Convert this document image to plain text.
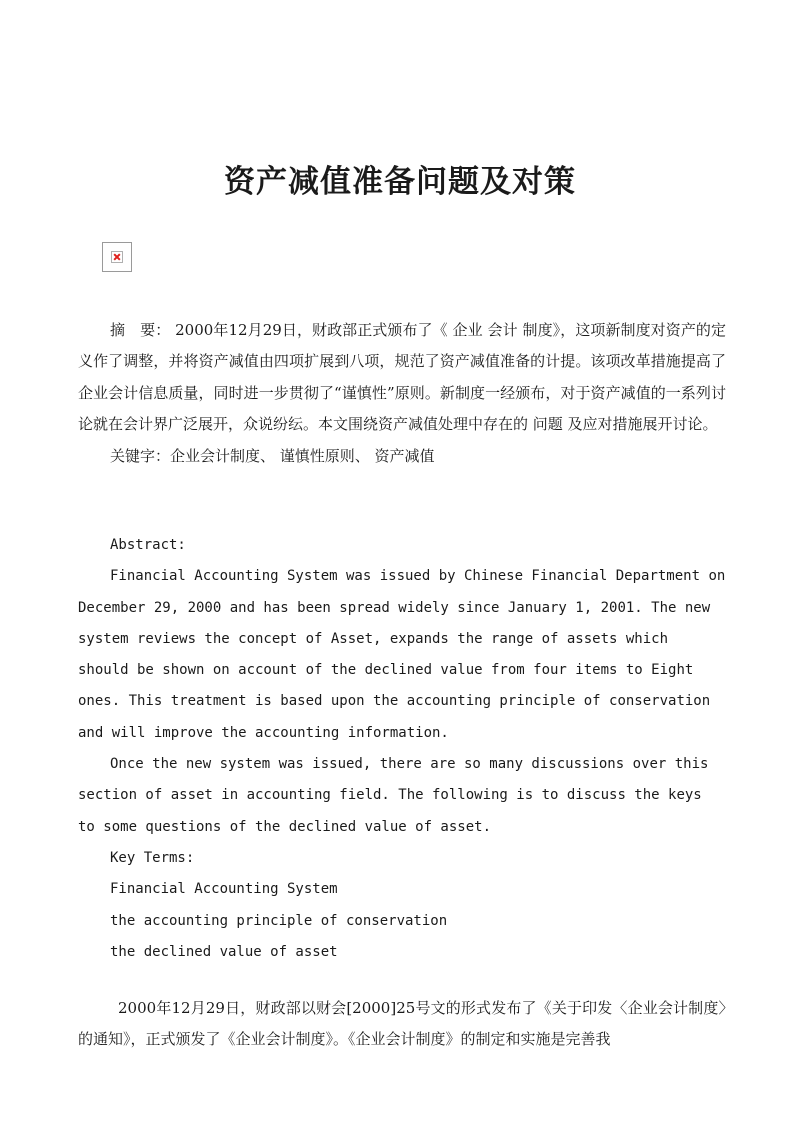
资产减值准备问题及对策

摘　要： 2000年12月29日，财政部正式颁布了《 企业 会计 制度》，这项新制度对资产的定义作了调整，并将资产减值由四项扩展到八项，规范了资产减值准备的计提。该项改革措施提高了企业会计信息质量，同时进一步贯彻了“谨慎性”原则。新制度一经颁布，对于资产减值的一系列讨论就在会计界广泛展开，众说纷纭。本文围绕资产减值处理中存在的 问题 及应对措施展开讨论。

关键字：企业会计制度、 谨慎性原则、 资产减值

Abstract:

Financial Accounting System was issued by Chinese Financial Department on December 29, 2000 and has been spread widely since January 1, 2001. The new system reviews the concept of Asset, expands the range of assets which should be shown on account of the declined value from four items to Eight ones. This treatment is based upon the accounting principle of conservation and will improve the accounting information.

Once the new system was issued, there are so many discussions over this section of asset in accounting field. The following is to discuss the keys to some questions of the declined value of asset.

Key Terms:

Financial Accounting System

the accounting principle of conservation

the declined value of asset

2000年12月29日，财政部以财会[2000]25号文的形式发布了《关于印发〈企业会计制度〉的通知》，正式颁发了《企业会计制度》。《企业会计制度》的制定和实施是完善我
